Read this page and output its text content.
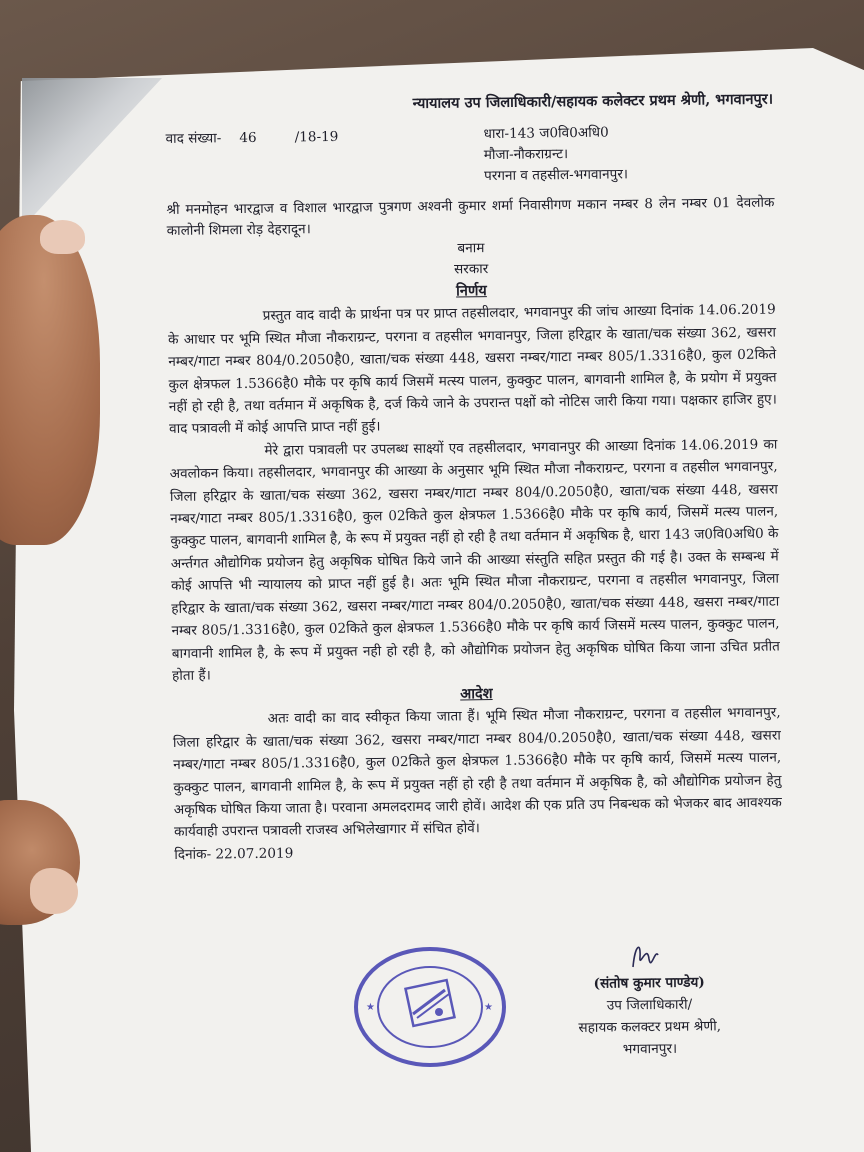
न्यायालय उप जिलाधिकारी/सहायक कलेक्टर प्रथम श्रेणी, भगवानपुर।
वाद संख्या- 46	/18-19	धारा-143 ज0वि0अधि0
मौजा-नौकराग्रन्ट।
परगना व तहसील-भगवानपुर।

श्री मनमोहन भारद्वाज व विशाल भारद्वाज पुत्रगण अश्वनी कुमार शर्मा निवासीगण मकान नम्बर 8 लेन नम्बर 01 देवलोक कालोनी शिमला रोड़ देहरादून।

बनाम
सरकार
निर्णय

प्रस्तुत वाद वादी के प्रार्थना पत्र पर प्राप्त तहसीलदार, भगवानपुर की जांच आख्या दिनांक 14.06.2019 के आधार पर भूमि स्थित मौजा नौकराग्रन्ट, परगना व तहसील भगवानपुर, जिला हरिद्वार के खाता/चक संख्या 362, खसरा नम्बर/गाटा नम्बर 804/0.2050है0, खाता/चक संख्या 448, खसरा नम्बर/गाटा नम्बर 805/1.3316है0, कुल 02किते कुल क्षेत्रफल 1.5366है0 मौके पर कृषि कार्य जिसमें मत्स्य पालन, कुक्कुट पालन, बागवानी शामिल है, के प्रयोग में प्रयुक्त नहीं हो रही है, तथा वर्तमान में अकृषिक है, दर्ज किये जाने के उपरान्त पक्षों को नोटिस जारी किया गया। पक्षकार हाजिर हुए। वाद पत्रावली में कोई आपत्ति प्राप्त नहीं हुई।

मेरे द्वारा पत्रावली पर उपलब्ध साक्ष्यों एव तहसीलदार, भगवानपुर की आख्या दिनांक 14.06.2019 का अवलोकन किया। तहसीलदार, भगवानपुर की आख्या के अनुसार भूमि स्थित मौजा नौकराग्रन्ट, परगना व तहसील भगवानपुर, जिला हरिद्वार के खाता/चक संख्या 362, खसरा नम्बर/गाटा नम्बर 804/0.2050है0, खाता/चक संख्या 448, खसरा नम्बर/गाटा नम्बर 805/1.3316है0, कुल 02किते कुल क्षेत्रफल 1.5366है0 मौके पर कृषि कार्य, जिसमें मत्स्य पालन, कुक्कुट पालन, बागवानी शामिल है, के रूप में प्रयुक्त नहीं हो रही है तथा वर्तमान में अकृषिक है, धारा 143 ज0वि0अधि0 के अर्न्तगत औद्योगिक प्रयोजन हेतु अकृषिक घोषित किये जाने की आख्या संस्तुति सहित प्रस्तुत की गई है। उक्त के सम्बन्ध में कोई आपत्ति भी न्यायालय को प्राप्त नहीं हुई है। अतः भूमि स्थित मौजा नौकराग्रन्ट, परगना व तहसील भगवानपुर, जिला हरिद्वार के खाता/चक संख्या 362, खसरा नम्बर/गाटा नम्बर 804/0.2050है0, खाता/चक संख्या 448, खसरा नम्बर/गाटा नम्बर 805/1.3316है0, कुल 02किते कुल क्षेत्रफल 1.5366है0 मौके पर कृषि कार्य जिसमें मत्स्य पालन, कुक्कुट पालन, बागवानी शामिल है, के रूप में प्रयुक्त नही हो रही है, को औद्योगिक प्रयोजन हेतु अकृषिक घोषित किया जाना उचित प्रतीत होता हैं।

आदेश

अतः वादी का वाद स्वीकृत किया जाता हैं। भूमि स्थित मौजा नौकराग्रन्ट, परगना व तहसील भगवानपुर, जिला हरिद्वार के खाता/चक संख्या 362, खसरा नम्बर/गाटा नम्बर 804/0.2050है0, खाता/चक संख्या 448, खसरा नम्बर/गाटा नम्बर 805/1.3316है0, कुल 02किते कुल क्षेत्रफल 1.5366है0 मौके पर कृषि कार्य, जिसमें मत्स्य पालन, कुक्कुट पालन, बागवानी शामिल है, के रूप में प्रयुक्त नहीं हो रही है तथा वर्तमान में अकृषिक है, को औद्योगिक प्रयोजन हेतु अकृषिक घोषित किया जाता है। परवाना अमलदरामद जारी होवें। आदेश की एक प्रति उप निबन्धक को भेजकर बाद आवश्यक कार्यवाही उपरान्त पत्रावली राजस्व अभिलेखागार में संचित होवें।

दिनांक- 22.07.2019
(संतोष कुमार पाण्डेय)
उप जिलाधिकारी/
सहायक कलक्टर प्रथम श्रेणी,
भगवानपुर।
★	★
